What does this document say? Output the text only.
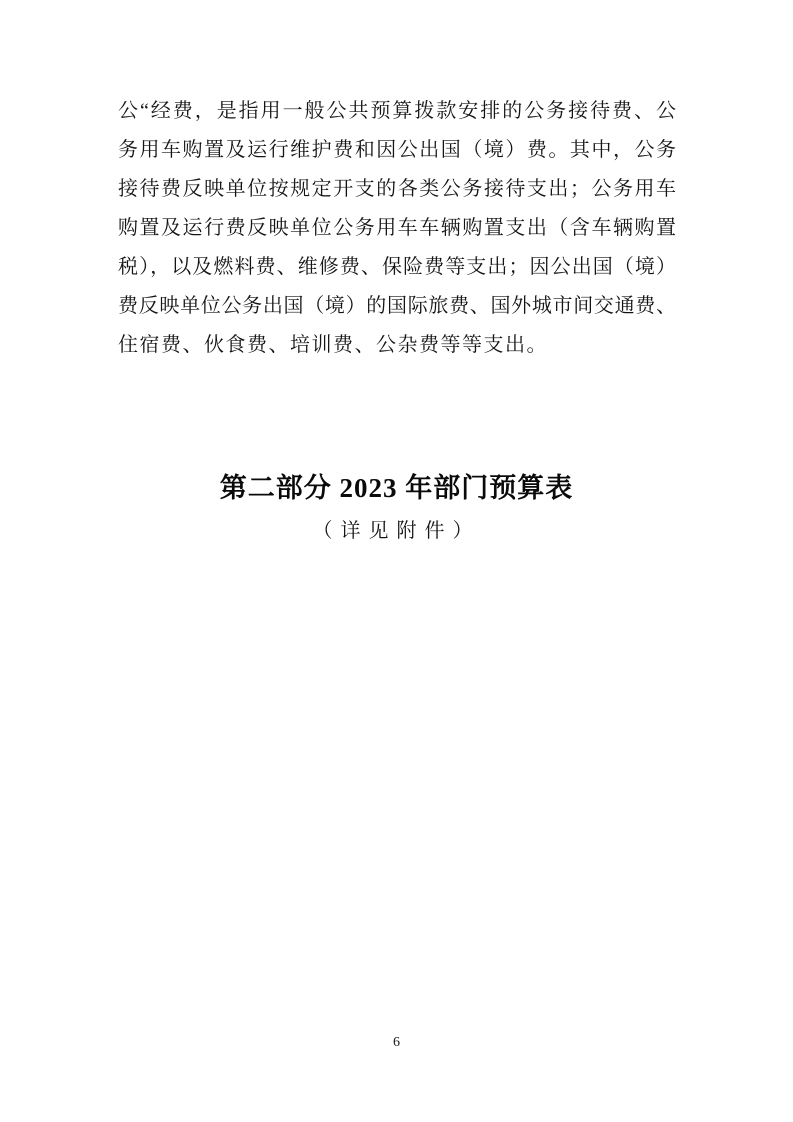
公“经费，是指用一般公共预算拨款安排的公务接待费、公
务用车购置及运行维护费和因公出国（境）费。其中，公务
接待费反映单位按规定开支的各类公务接待支出；公务用车
购置及运行费反映单位公务用车车辆购置支出（含车辆购置
税），以及燃料费、维修费、保险费等支出；因公出国（境）
费反映单位公务出国（境）的国际旅费、国外城市间交通费、
住宿费、伙食费、培训费、公杂费等等支出。
第二部分 2023 年部门预算表
（详见附件）
6
